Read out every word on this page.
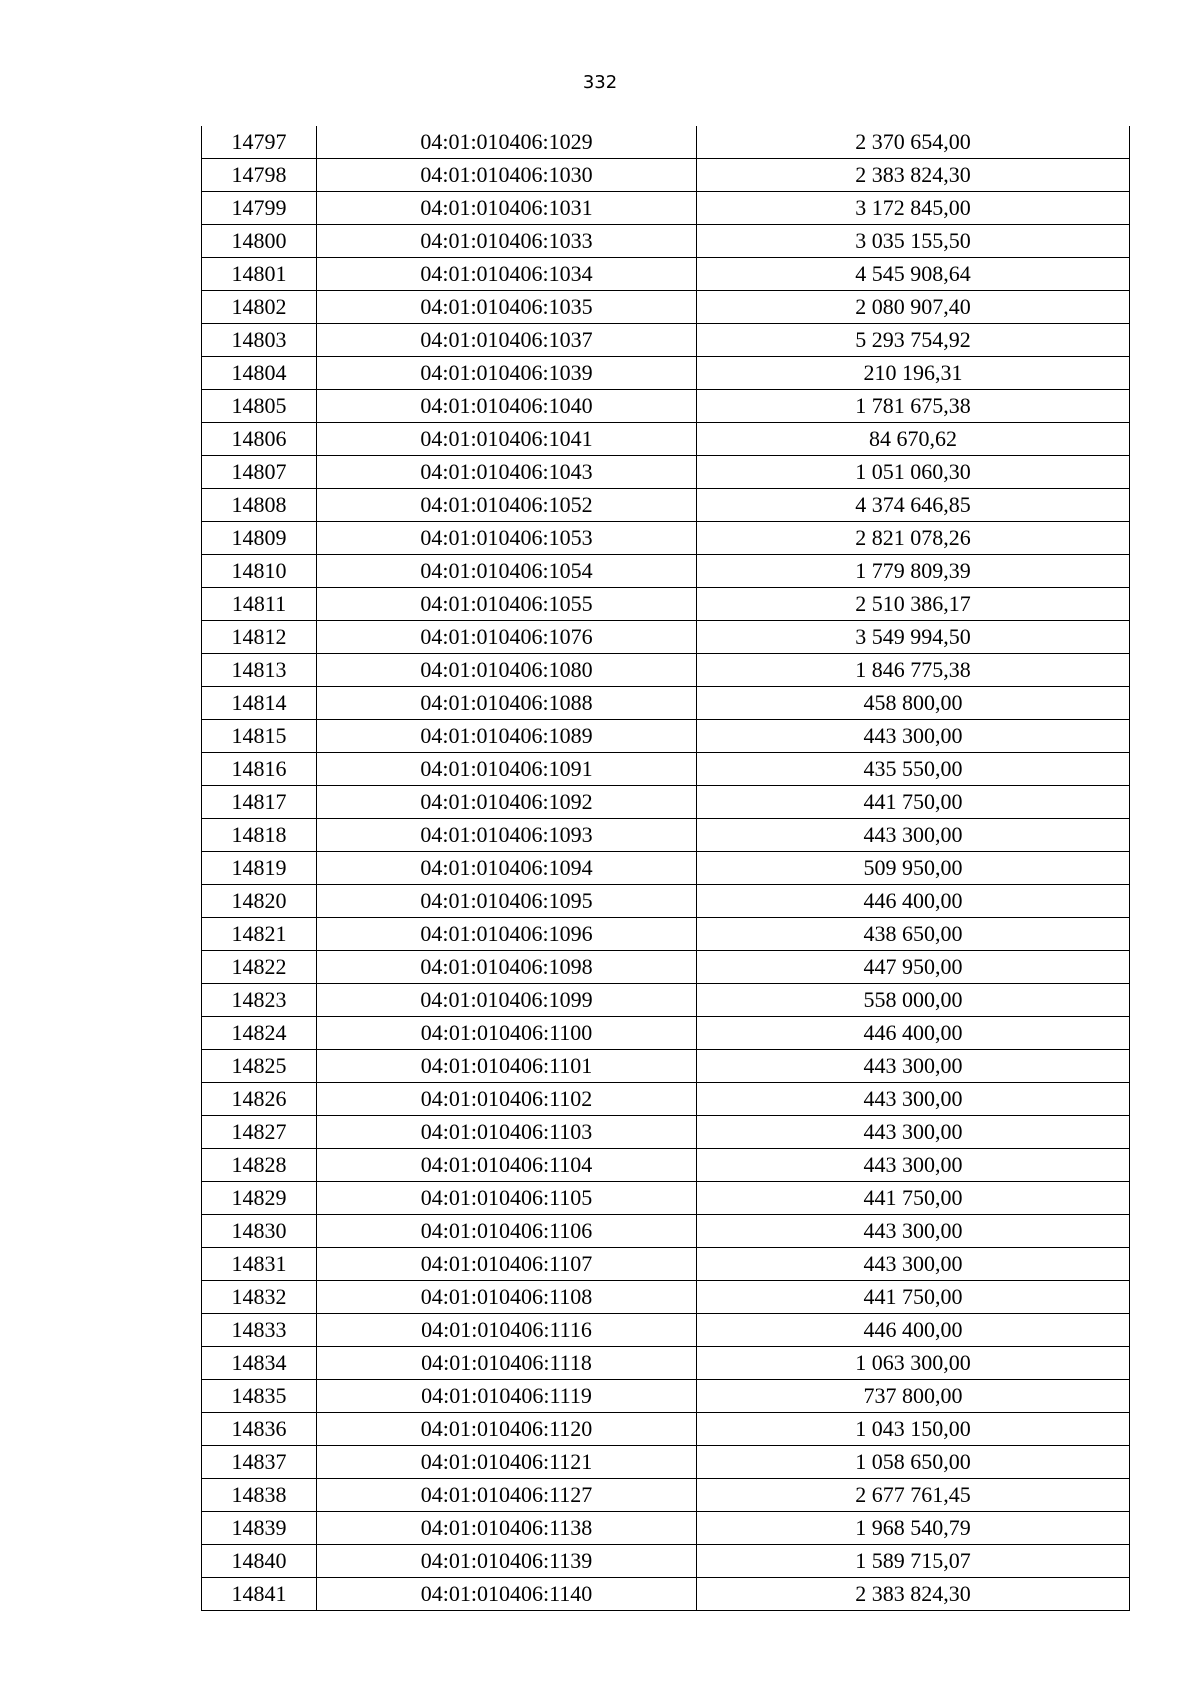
332
14797	04:01:010406:1029	2 370 654,00
14798	04:01:010406:1030	2 383 824,30
14799	04:01:010406:1031	3 172 845,00
14800	04:01:010406:1033	3 035 155,50
14801	04:01:010406:1034	4 545 908,64
14802	04:01:010406:1035	2 080 907,40
14803	04:01:010406:1037	5 293 754,92
14804	04:01:010406:1039	210 196,31
14805	04:01:010406:1040	1 781 675,38
14806	04:01:010406:1041	84 670,62
14807	04:01:010406:1043	1 051 060,30
14808	04:01:010406:1052	4 374 646,85
14809	04:01:010406:1053	2 821 078,26
14810	04:01:010406:1054	1 779 809,39
14811	04:01:010406:1055	2 510 386,17
14812	04:01:010406:1076	3 549 994,50
14813	04:01:010406:1080	1 846 775,38
14814	04:01:010406:1088	458 800,00
14815	04:01:010406:1089	443 300,00
14816	04:01:010406:1091	435 550,00
14817	04:01:010406:1092	441 750,00
14818	04:01:010406:1093	443 300,00
14819	04:01:010406:1094	509 950,00
14820	04:01:010406:1095	446 400,00
14821	04:01:010406:1096	438 650,00
14822	04:01:010406:1098	447 950,00
14823	04:01:010406:1099	558 000,00
14824	04:01:010406:1100	446 400,00
14825	04:01:010406:1101	443 300,00
14826	04:01:010406:1102	443 300,00
14827	04:01:010406:1103	443 300,00
14828	04:01:010406:1104	443 300,00
14829	04:01:010406:1105	441 750,00
14830	04:01:010406:1106	443 300,00
14831	04:01:010406:1107	443 300,00
14832	04:01:010406:1108	441 750,00
14833	04:01:010406:1116	446 400,00
14834	04:01:010406:1118	1 063 300,00
14835	04:01:010406:1119	737 800,00
14836	04:01:010406:1120	1 043 150,00
14837	04:01:010406:1121	1 058 650,00
14838	04:01:010406:1127	2 677 761,45
14839	04:01:010406:1138	1 968 540,79
14840	04:01:010406:1139	1 589 715,07
14841	04:01:010406:1140	2 383 824,30
